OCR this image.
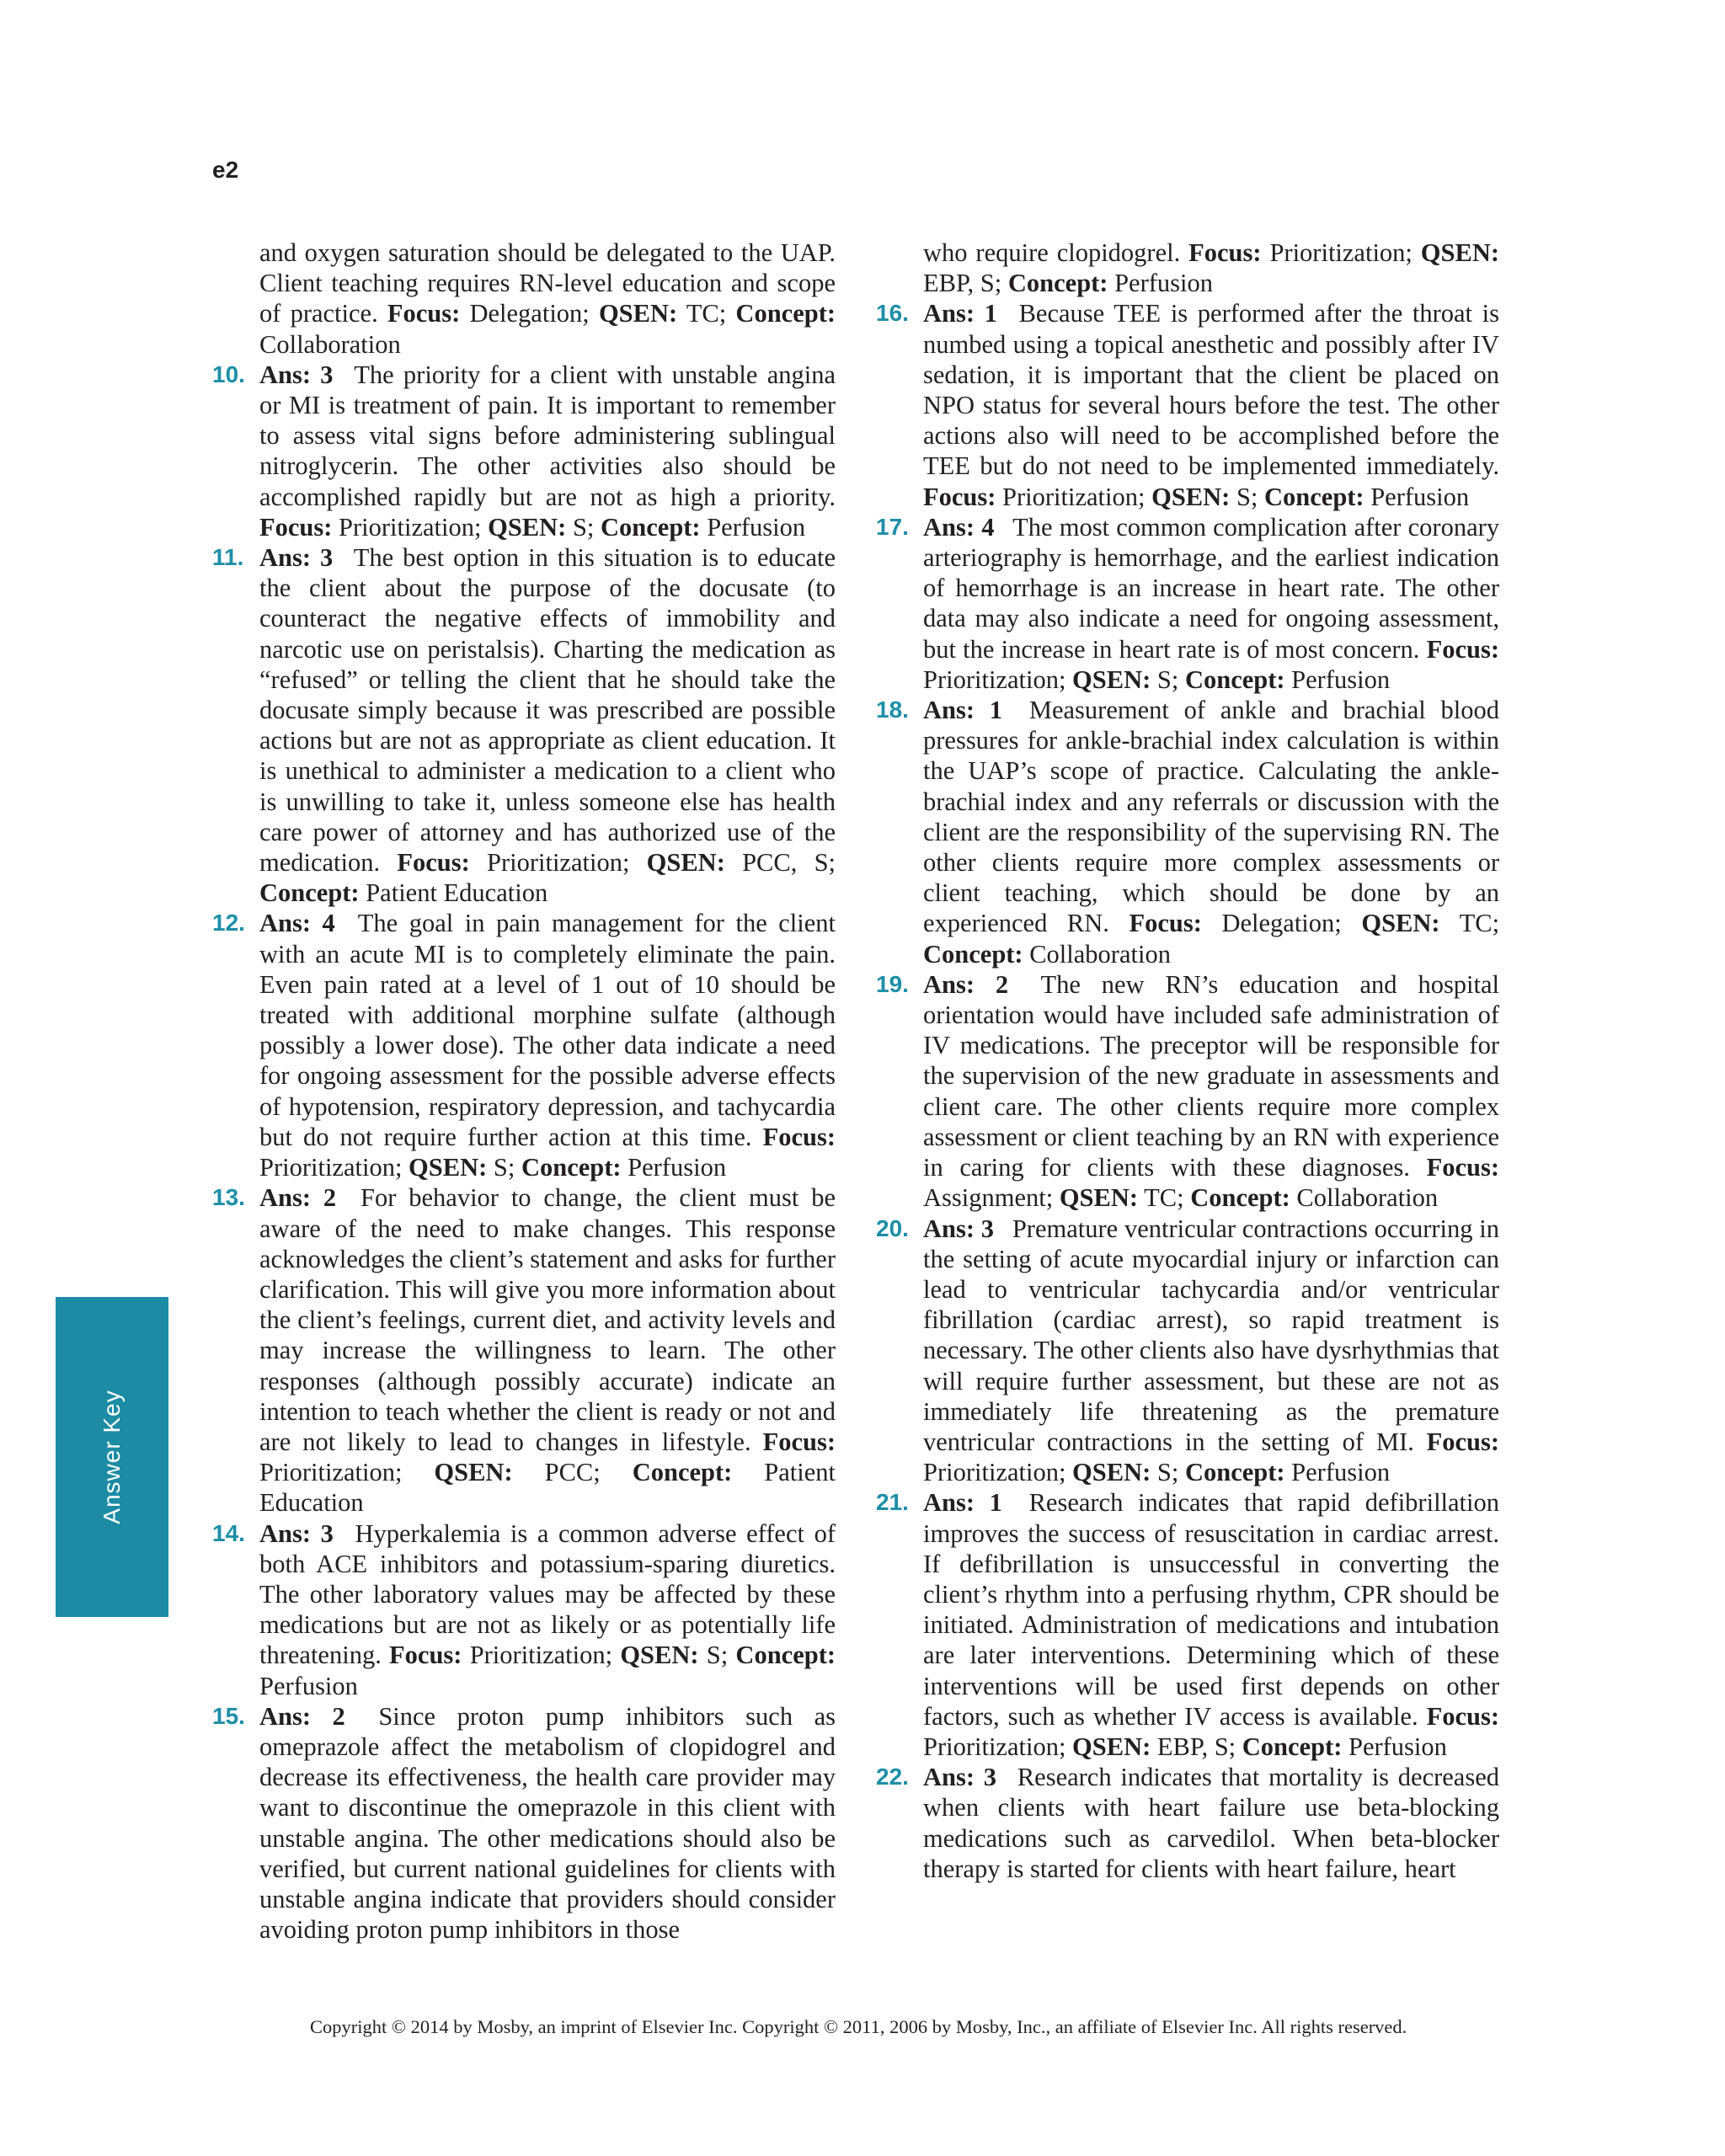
e2
and oxygen saturation should be delegated to the UAP. Client teaching requires RN-level education and scope of practice. Focus: Delegation; QSEN: TC; Concept: Collaboration
10. Ans: 3 The priority for a client with unstable angina or MI is treatment of pain. It is important to remember to assess vital signs before administering sublingual nitroglycerin. The other activities also should be accomplished rapidly but are not as high a priority. Focus: Prioritization; QSEN: S; Concept: Perfusion
11. Ans: 3 The best option in this situation is to educate the client about the purpose of the docusate (to counteract the negative effects of immobility and narcotic use on peristalsis). Charting the medication as “refused” or telling the client that he should take the docusate simply because it was prescribed are possible actions but are not as appropriate as client education. It is unethical to administer a medication to a client who is unwilling to take it, unless someone else has health care power of attorney and has authorized use of the medication. Focus: Prioritization; QSEN: PCC, S; Concept: Patient Education
12. Ans: 4 The goal in pain management for the client with an acute MI is to completely eliminate the pain. Even pain rated at a level of 1 out of 10 should be treated with additional morphine sulfate (although possibly a lower dose). The other data indicate a need for ongoing assessment for the possible adverse effects of hypotension, respiratory depression, and tachycardia but do not require further action at this time. Focus: Prioritization; QSEN: S; Concept: Perfusion
13. Ans: 2 For behavior to change, the client must be aware of the need to make changes. This response acknowledges the client’s statement and asks for further clarification. This will give you more information about the client’s feelings, current diet, and activity levels and may increase the willingness to learn. The other responses (although possibly accurate) indicate an intention to teach whether the client is ready or not and are not likely to lead to changes in lifestyle. Focus: Prioritization; QSEN: PCC; Concept: Patient Education
14. Ans: 3 Hyperkalemia is a common adverse effect of both ACE inhibitors and potassium-sparing diuretics. The other laboratory values may be affected by these medications but are not as likely or as potentially life threatening. Focus: Prioritization; QSEN: S; Concept: Perfusion
15. Ans: 2 Since proton pump inhibitors such as omeprazole affect the metabolism of clopidogrel and decrease its effectiveness, the health care provider may want to discontinue the omeprazole in this client with unstable angina. The other medications should also be verified, but current national guidelines for clients with unstable angina indicate that providers should consider avoiding proton pump inhibitors in those
who require clopidogrel. Focus: Prioritization; QSEN: EBP, S; Concept: Perfusion
16. Ans: 1 Because TEE is performed after the throat is numbed using a topical anesthetic and possibly after IV sedation, it is important that the client be placed on NPO status for several hours before the test. The other actions also will need to be accomplished before the TEE but do not need to be implemented immediately. Focus: Prioritization; QSEN: S; Concept: Perfusion
17. Ans: 4 The most common complication after coronary arteriography is hemorrhage, and the earliest indication of hemorrhage is an increase in heart rate. The other data may also indicate a need for ongoing assessment, but the increase in heart rate is of most concern. Focus: Prioritization; QSEN: S; Concept: Perfusion
18. Ans: 1 Measurement of ankle and brachial blood pressures for ankle-brachial index calculation is within the UAP’s scope of practice. Calculating the ankle-brachial index and any referrals or discussion with the client are the responsibility of the supervising RN. The other clients require more complex assessments or client teaching, which should be done by an experienced RN. Focus: Delegation; QSEN: TC; Concept: Collaboration
19. Ans: 2 The new RN’s education and hospital orientation would have included safe administration of IV medications. The preceptor will be responsible for the supervision of the new graduate in assessments and client care. The other clients require more complex assessment or client teaching by an RN with experience in caring for clients with these diagnoses. Focus: Assignment; QSEN: TC; Concept: Collaboration
20. Ans: 3 Premature ventricular contractions occurring in the setting of acute myocardial injury or infarction can lead to ventricular tachycardia and/or ventricular fibrillation (cardiac arrest), so rapid treatment is necessary. The other clients also have dysrhythmias that will require further assessment, but these are not as immediately life threatening as the premature ventricular contractions in the setting of MI. Focus: Prioritization; QSEN: S; Concept: Perfusion
21. Ans: 1 Research indicates that rapid defibrillation improves the success of resuscitation in cardiac arrest. If defibrillation is unsuccessful in converting the client’s rhythm into a perfusing rhythm, CPR should be initiated. Administration of medications and intubation are later interventions. Determining which of these interventions will be used first depends on other factors, such as whether IV access is available. Focus: Prioritization; QSEN: EBP, S; Concept: Perfusion
22. Ans: 3 Research indicates that mortality is decreased when clients with heart failure use beta-blocking medications such as carvedilol. When beta-blocker therapy is started for clients with heart failure, heart
Answer Key
Copyright © 2014 by Mosby, an imprint of Elsevier Inc. Copyright © 2011, 2006 by Mosby, Inc., an affiliate of Elsevier Inc. All rights reserved.
